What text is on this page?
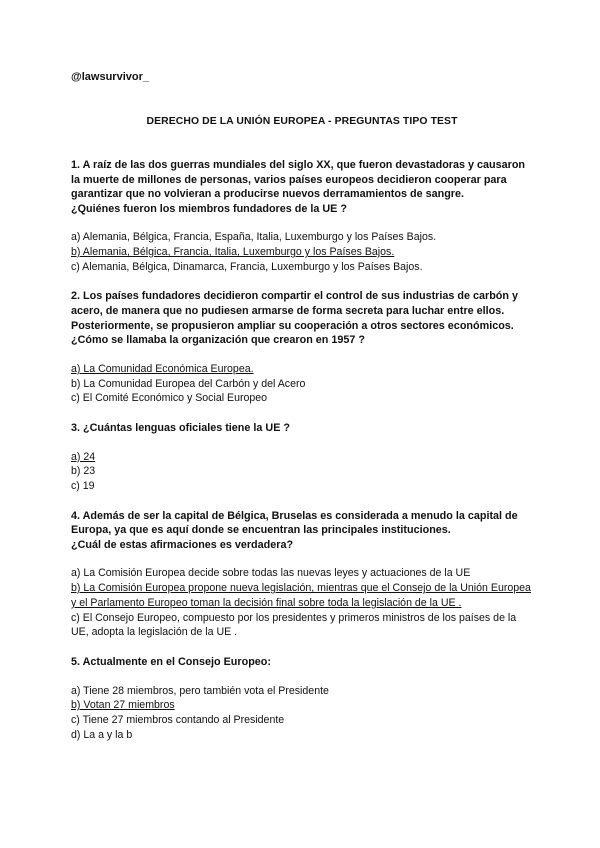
@lawsurvivor_
DERECHO DE LA UNIÓN EUROPEA - PREGUNTAS TIPO TEST
1. A raíz de las dos guerras mundiales del siglo XX, que fueron devastadoras y causaron la muerte de millones de personas, varios países europeos decidieron cooperar para garantizar que no volvieran a producirse nuevos derramamientos de sangre.
¿Quiénes fueron los miembros fundadores de la UE ?
a) Alemania, Bélgica, Francia, España, Italia, Luxemburgo y los Países Bajos.
b) Alemania, Bélgica, Francia, Italia, Luxemburgo y los Países Bajos.
c) Alemania, Bélgica, Dinamarca, Francia, Luxemburgo y los Países Bajos.
2. Los países fundadores decidieron compartir el control de sus industrias de carbón y acero, de manera que no pudiesen armarse de forma secreta para luchar entre ellos. Posteriormente, se propusieron ampliar su cooperación a otros sectores económicos.
¿Cómo se llamaba la organización que crearon en 1957 ?
a) La Comunidad Económica Europea.
b) La Comunidad Europea del Carbón y del Acero
c) El Comité Económico y Social Europeo
3. ¿Cuántas lenguas oficiales tiene la UE ?
a) 24
b) 23
c) 19
4. Además de ser la capital de Bélgica, Bruselas es considerada a menudo la capital de Europa, ya que es aquí donde se encuentran las principales instituciones.
¿Cuál de estas afirmaciones es verdadera?
a) La Comisión Europea decide sobre todas las nuevas leyes y actuaciones de la UE
b) La Comisión Europea propone nueva legislación, mientras que el Consejo de la Unión Europea y el Parlamento Europeo toman la decisión final sobre toda la legislación de la UE .
c) El Consejo Europeo, compuesto por los presidentes y primeros ministros de los países de la UE, adopta la legislación de la UE .
5. Actualmente en el Consejo Europeo:
a) Tiene 28 miembros, pero también vota el Presidente
b) Votan 27 miembros
c) Tiene 27 miembros contando al Presidente
d) La a y la b
